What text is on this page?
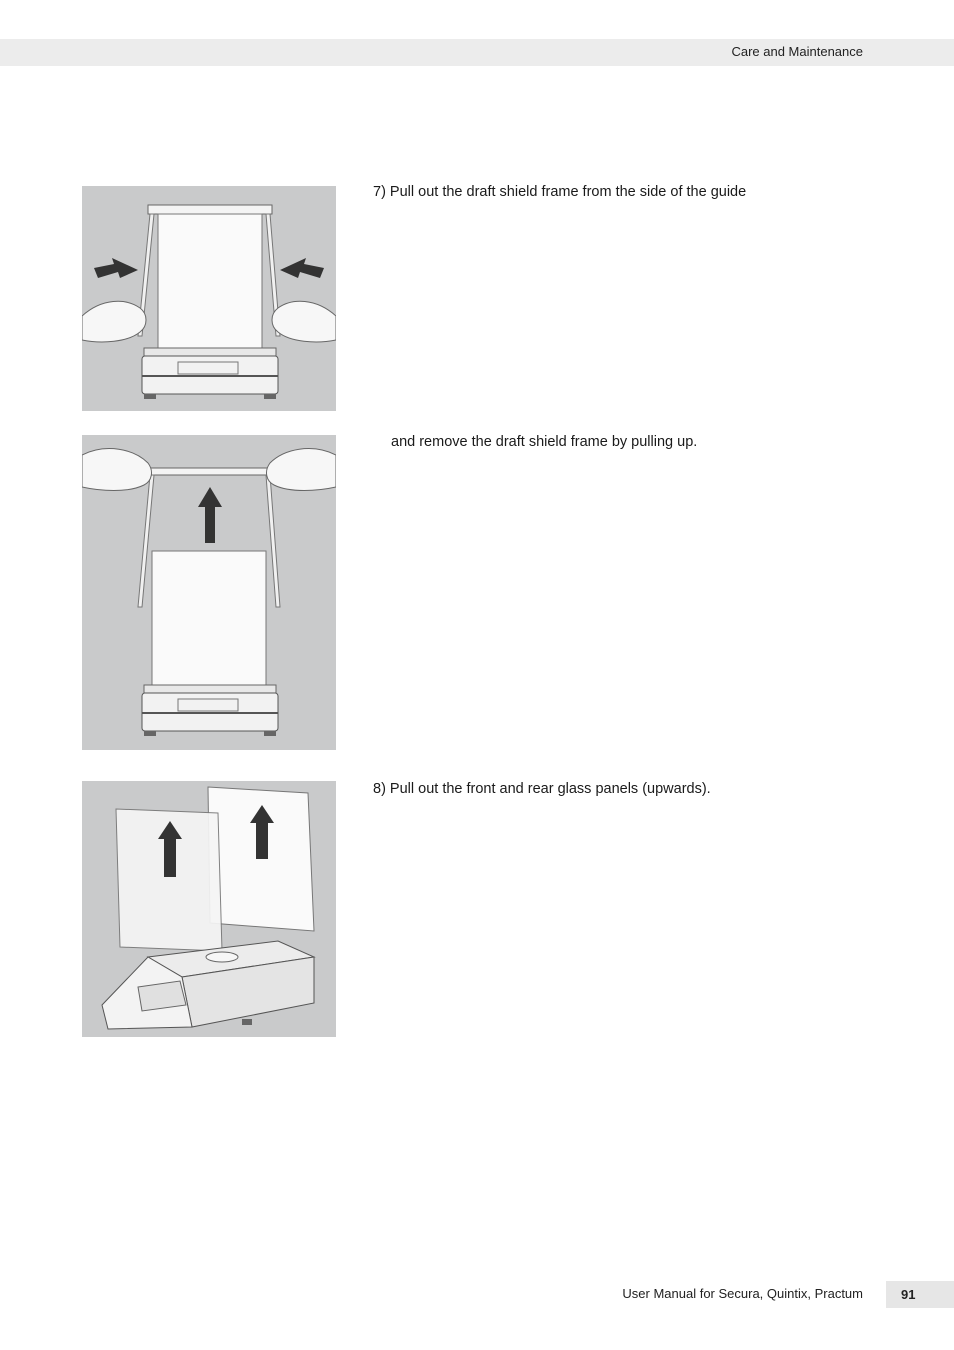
Care and Maintenance
7) Pull out the draft shield frame from the side of the guide
and remove the draft shield frame by pulling up.
8) Pull out the front and rear glass panels (upwards).
User Manual for Secura, Quintix, Practum	91
